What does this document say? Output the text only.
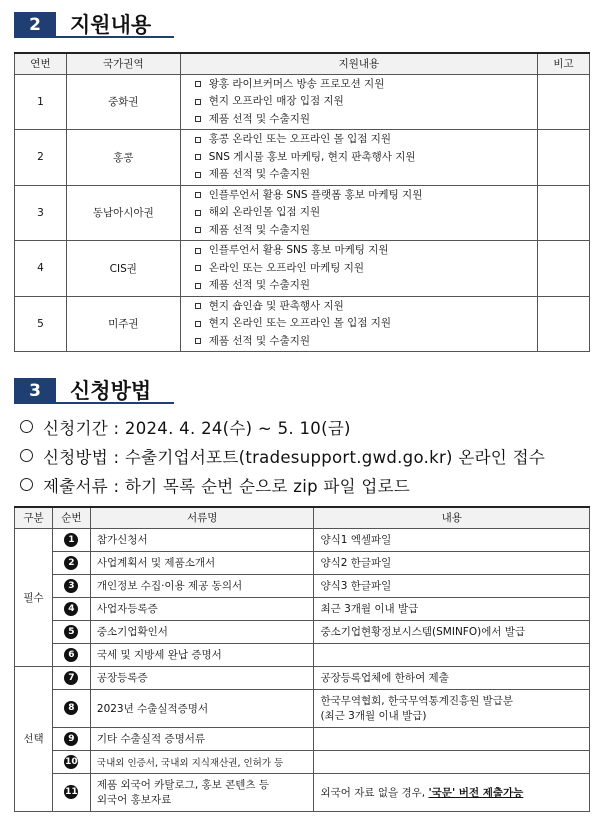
2	지원내용
연번	국가권역	지원내용	비고
1	중화권	왕홍 라이브커머스 방송 프로모션 지원
현지 오프라인 매장 입점 지원
제품 선적 및 수출지원	

2	홍콩	홍콩 온라인 또는 오프라인 몰 입점 지원
SNS 게시물 홍보 마케팅, 현지 판촉행사 지원
제품 선적 및 수출지원	

3	동남아시아권	인플루언서 활용 SNS 플랫폼 홍보 마케팅 지원
해외 온라인몰 입점 지원
제품 선적 및 수출지원	

4	CIS권	인플루언서 활용 SNS 홍보 마케팅 지원
온라인 또는 오프라인 마케팅 지원
제품 선적 및 수출지원	

5	미주권	현지 숍인숍 및 판촉행사 지원
현지 온라인 또는 오프라인 몰 입점 지원
제품 선적 및 수출지원	

3	신청방법
신청기간 : 2024. 4. 24(수) ~ 5. 10(금)
신청방법 : 수출기업서포트(tradesupport.gwd.go.kr) 온라인 접수
제출서류 : 하기 목록 순번 순으로 zip 파일 업로드
구분	순번	서류명	내용
필수	1	참가신청서	양식1 엑셀파일
	2	사업계획서 및 제품소개서	양식2 한글파일
	3	개인정보 수집·이용 제공 동의서	양식3 한글파일
	4	사업자등록증	최근 3개월 이내 발급
	5	중소기업확인서	중소기업현황정보시스템(SMINFO)에서 발급
	6	국세 및 지방세 완납 증명서	
선택	7	공장등록증	공장등록업체에 한하여 제출
	8	2023년 수출실적증명서	한국무역협회, 한국무역통계진흥원 발급분
(최근 3개월 이내 발급)

	9	기타 수출실적 증명서류	
	10	국내외 인증서, 국내외 지식재산권, 인허가 등	
	11	제품 외국어 카탈로그, 홍보 콘텐츠 등
외국어 홍보자료	외국어 자료 없을 경우, '국문' 버전 제출가능
